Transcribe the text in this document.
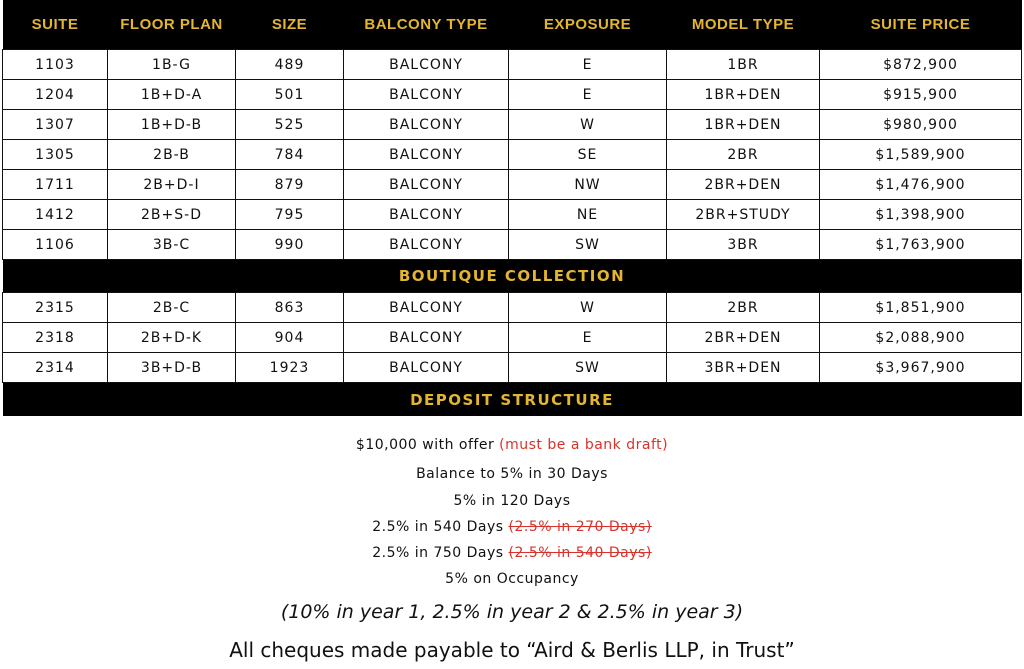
SUITE	FLOOR PLAN	SIZE	BALCONY TYPE	EXPOSURE	MODEL TYPE	SUITE PRICE
1103	1B-G	489	BALCONY	E	1BR	$872,900
1204	1B+D-A	501	BALCONY	E	1BR+DEN	$915,900
1307	1B+D-B	525	BALCONY	W	1BR+DEN	$980,900
1305	2B-B	784	BALCONY	SE	2BR	$1,589,900
1711	2B+D-I	879	BALCONY	NW	2BR+DEN	$1,476,900
1412	2B+S-D	795	BALCONY	NE	2BR+STUDY	$1,398,900
1106	3B-C	990	BALCONY	SW	3BR	$1,763,900
BOUTIQUE COLLECTION						
2315	2B-C	863	BALCONY	W	2BR	$1,851,900
2318	2B+D-K	904	BALCONY	E	2BR+DEN	$2,088,900
2314	3B+D-B	1923	BALCONY	SW	3BR+DEN	$3,967,900
DEPOSIT STRUCTURE						
$10,000 with offer (must be a bank draft)
Balance to 5% in 30 Days
5% in 120 Days
2.5% in 540 Days (2.5% in 270 Days)
2.5% in 750 Days (2.5% in 540 Days)
5% on Occupancy
(10% in year 1, 2.5% in year 2 & 2.5% in year 3)
All cheques made payable to “Aird & Berlis LLP, in Trust”
